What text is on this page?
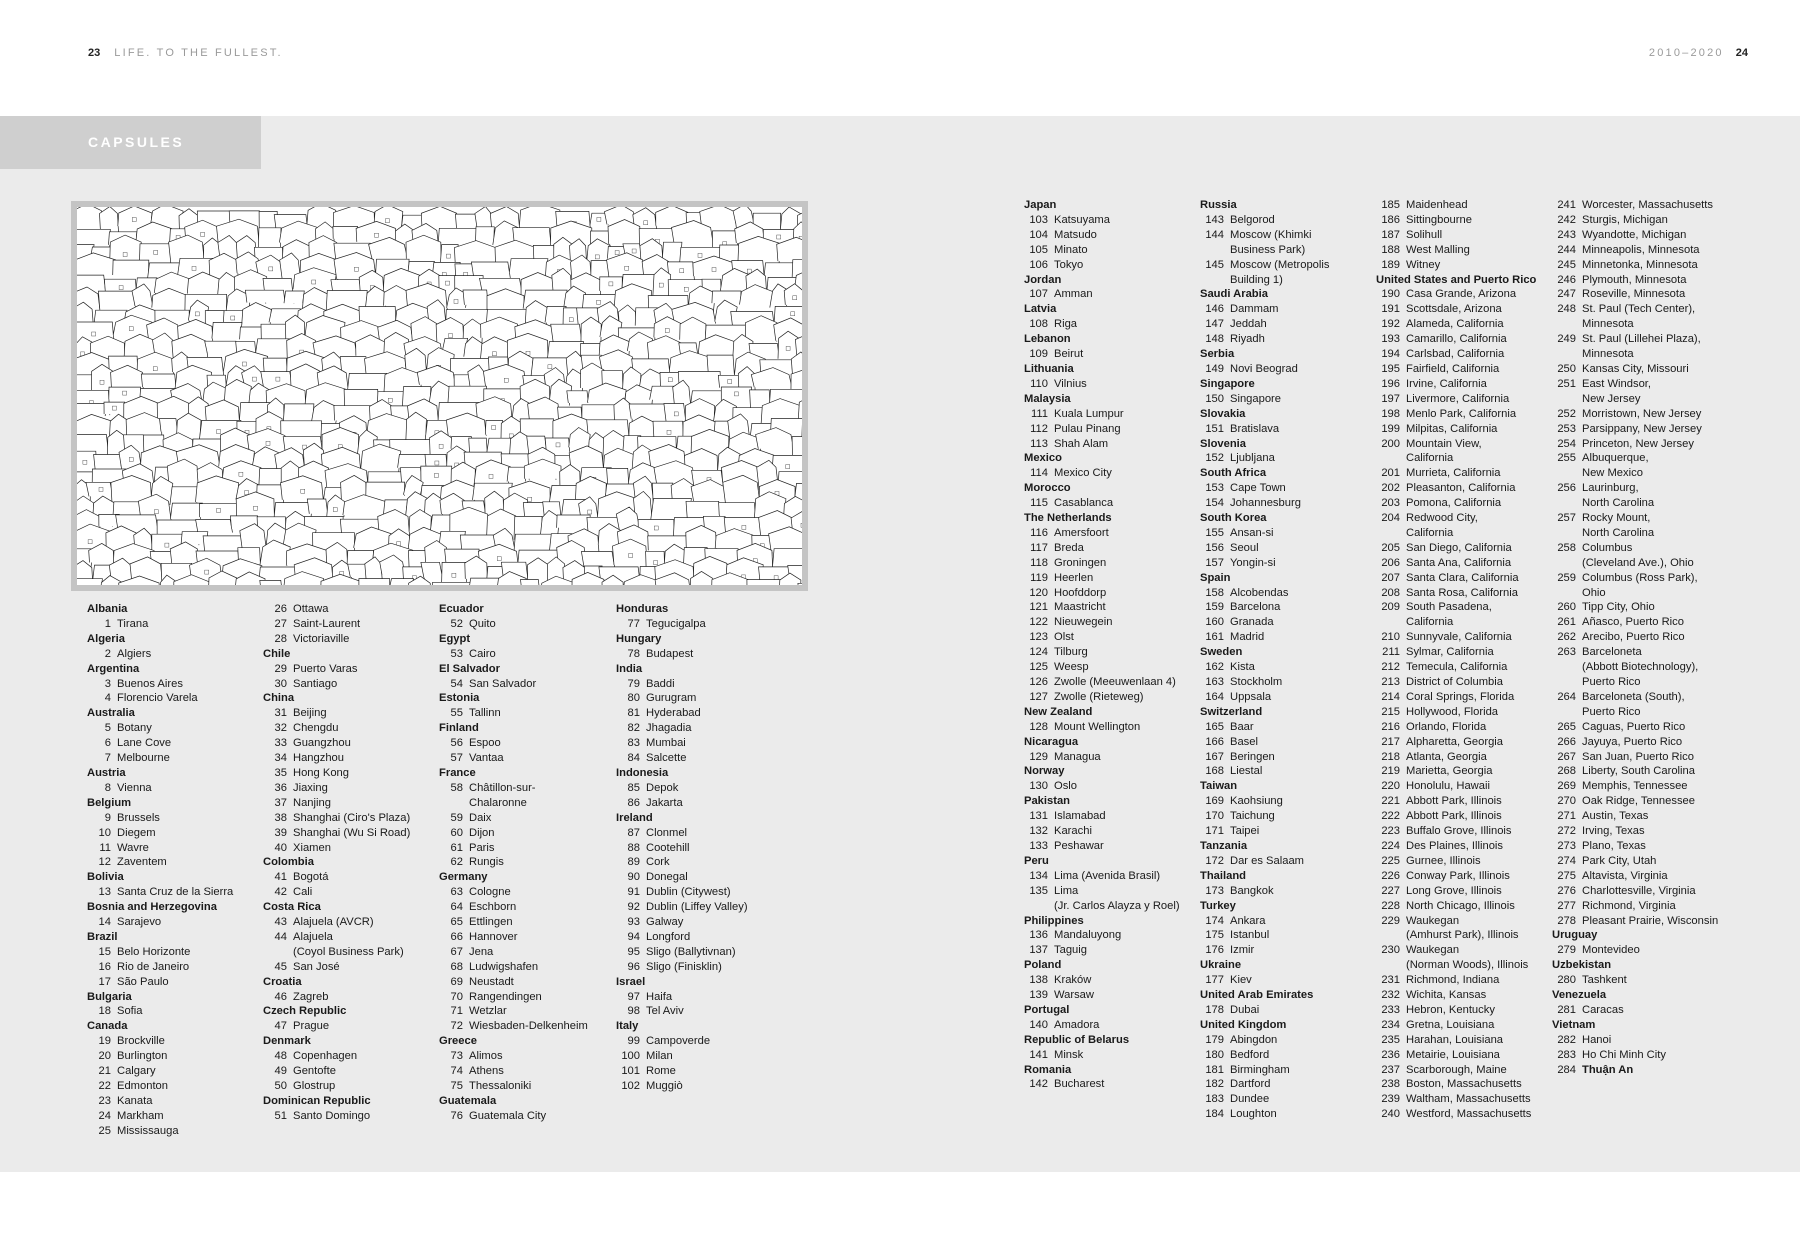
23 LIFE. TO THE FULLEST.	2010–2020 24
CAPSULES
Albania
1 Tirana
Algeria
2 Algiers
Argentina
3 Buenos Aires
4 Florencio Varela
Australia
5 Botany
6 Lane Cove
7 Melbourne
Austria
8 Vienna
Belgium
9 Brussels
10 Diegem
11 Wavre
12 Zaventem
Bolivia
13 Santa Cruz de la Sierra
Bosnia and Herzegovina
14 Sarajevo
Brazil
15 Belo Horizonte
16 Rio de Janeiro
17 São Paulo
Bulgaria
18 Sofia
Canada
19 Brockville
20 Burlington
21 Calgary
22 Edmonton
23 Kanata
24 Markham
25 Mississauga
26 Ottawa
27 Saint-Laurent
28 Victoriaville
Chile
29 Puerto Varas
30 Santiago
China
31 Beijing
32 Chengdu
33 Guangzhou
34 Hangzhou
35 Hong Kong
36 Jiaxing
37 Nanjing
38 Shanghai (Ciro's Plaza)
39 Shanghai (Wu Si Road)
40 Xiamen
Colombia
41 Bogotá
42 Cali
Costa Rica
43 Alajuela (AVCR)
44 Alajuela
(Coyol Business Park)
45 San José
Croatia
46 Zagreb
Czech Republic
47 Prague
Denmark
48 Copenhagen
49 Gentofte
50 Glostrup
Dominican Republic
51 Santo Domingo
Ecuador
52 Quito
Egypt
53 Cairo
El Salvador
54 San Salvador
Estonia
55 Tallinn
Finland
56 Espoo
57 Vantaa
France
58 Châtillon-sur-
Chalaronne
59 Daix
60 Dijon
61 Paris
62 Rungis
Germany
63 Cologne
64 Eschborn
65 Ettlingen
66 Hannover
67 Jena
68 Ludwigshafen
69 Neustadt
70 Rangendingen
71 Wetzlar
72 Wiesbaden-Delkenheim
Greece
73 Alimos
74 Athens
75 Thessaloniki
Guatemala
76 Guatemala City
Honduras
77 Tegucigalpa
Hungary
78 Budapest
India
79 Baddi
80 Gurugram
81 Hyderabad
82 Jhagadia
83 Mumbai
84 Salcette
Indonesia
85 Depok
86 Jakarta
Ireland
87 Clonmel
88 Cootehill
89 Cork
90 Donegal
91 Dublin (Citywest)
92 Dublin (Liffey Valley)
93 Galway
94 Longford
95 Sligo (Ballytivnan)
96 Sligo (Finisklin)
Israel
97 Haifa
98 Tel Aviv
Italy
99 Campoverde
100 Milan
101 Rome
102 Muggiò
Japan
103 Katsuyama
104 Matsudo
105 Minato
106 Tokyo
Jordan
107 Amman
Latvia
108 Riga
Lebanon
109 Beirut
Lithuania
110 Vilnius
Malaysia
111 Kuala Lumpur
112 Pulau Pinang
113 Shah Alam
Mexico
114 Mexico City
Morocco
115 Casablanca
The Netherlands
116 Amersfoort
117 Breda
118 Groningen
119 Heerlen
120 Hoofddorp
121 Maastricht
122 Nieuwegein
123 Olst
124 Tilburg
125 Weesp
126 Zwolle (Meeuwenlaan 4)
127 Zwolle (Rieteweg)
New Zealand
128 Mount Wellington
Nicaragua
129 Managua
Norway
130 Oslo
Pakistan
131 Islamabad
132 Karachi
133 Peshawar
Peru
134 Lima (Avenida Brasil)
135 Lima
(Jr. Carlos Alayza y Roel)
Philippines
136 Mandaluyong
137 Taguig
Poland
138 Kraków
139 Warsaw
Portugal
140 Amadora
Republic of Belarus
141 Minsk
Romania
142 Bucharest
Russia
143 Belgorod
144 Moscow (Khimki
Business Park)
145 Moscow (Metropolis
Building 1)
Saudi Arabia
146 Dammam
147 Jeddah
148 Riyadh
Serbia
149 Novi Beograd
Singapore
150 Singapore
Slovakia
151 Bratislava
Slovenia
152 Ljubljana
South Africa
153 Cape Town
154 Johannesburg
South Korea
155 Ansan-si
156 Seoul
157 Yongin-si
Spain
158 Alcobendas
159 Barcelona
160 Granada
161 Madrid
Sweden
162 Kista
163 Stockholm
164 Uppsala
Switzerland
165 Baar
166 Basel
167 Beringen
168 Liestal
Taiwan
169 Kaohsiung
170 Taichung
171 Taipei
Tanzania
172 Dar es Salaam
Thailand
173 Bangkok
Turkey
174 Ankara
175 Istanbul
176 Izmir
Ukraine
177 Kiev
United Arab Emirates
178 Dubai
United Kingdom
179 Abingdon
180 Bedford
181 Birmingham
182 Dartford
183 Dundee
184 Loughton
185 Maidenhead
186 Sittingbourne
187 Solihull
188 West Malling
189 Witney
United States and Puerto Rico
190 Casa Grande, Arizona
191 Scottsdale, Arizona
192 Alameda, California
193 Camarillo, California
194 Carlsbad, California
195 Fairfield, California
196 Irvine, California
197 Livermore, California
198 Menlo Park, California
199 Milpitas, California
200 Mountain View,
California
201 Murrieta, California
202 Pleasanton, California
203 Pomona, California
204 Redwood City,
California
205 San Diego, California
206 Santa Ana, California
207 Santa Clara, California
208 Santa Rosa, California
209 South Pasadena,
California
210 Sunnyvale, California
211 Sylmar, California
212 Temecula, California
213 District of Columbia
214 Coral Springs, Florida
215 Hollywood, Florida
216 Orlando, Florida
217 Alpharetta, Georgia
218 Atlanta, Georgia
219 Marietta, Georgia
220 Honolulu, Hawaii
221 Abbott Park, Illinois
222 Abbott Park, Illinois
223 Buffalo Grove, Illinois
224 Des Plaines, Illinois
225 Gurnee, Illinois
226 Conway Park, Illinois
227 Long Grove, Illinois
228 North Chicago, Illinois
229 Waukegan
(Amhurst Park), Illinois
230 Waukegan
(Norman Woods), Illinois
231 Richmond, Indiana
232 Wichita, Kansas
233 Hebron, Kentucky
234 Gretna, Louisiana
235 Harahan, Louisiana
236 Metairie, Louisiana
237 Scarborough, Maine
238 Boston, Massachusetts
239 Waltham, Massachusetts
240 Westford, Massachusetts
241 Worcester, Massachusetts
242 Sturgis, Michigan
243 Wyandotte, Michigan
244 Minneapolis, Minnesota
245 Minnetonka, Minnesota
246 Plymouth, Minnesota
247 Roseville, Minnesota
248 St. Paul (Tech Center),
Minnesota
249 St. Paul (Lillehei Plaza),
Minnesota
250 Kansas City, Missouri
251 East Windsor,
New Jersey
252 Morristown, New Jersey
253 Parsippany, New Jersey
254 Princeton, New Jersey
255 Albuquerque,
New Mexico
256 Laurinburg,
North Carolina
257 Rocky Mount,
North Carolina
258 Columbus
(Cleveland Ave.), Ohio
259 Columbus (Ross Park),
Ohio
260 Tipp City, Ohio
261 Añasco, Puerto Rico
262 Arecibo, Puerto Rico
263 Barceloneta
(Abbott Biotechnology),
Puerto Rico
264 Barceloneta (South),
Puerto Rico
265 Caguas, Puerto Rico
266 Jayuya, Puerto Rico
267 San Juan, Puerto Rico
268 Liberty, South Carolina
269 Memphis, Tennessee
270 Oak Ridge, Tennessee
271 Austin, Texas
272 Irving, Texas
273 Plano, Texas
274 Park City, Utah
275 Altavista, Virginia
276 Charlottesville, Virginia
277 Richmond, Virginia
278 Pleasant Prairie, Wisconsin
Uruguay
279 Montevideo
Uzbekistan
280 Tashkent
Venezuela
281 Caracas
Vietnam
282 Hanoi
283 Ho Chi Minh City
284 Thuận An
